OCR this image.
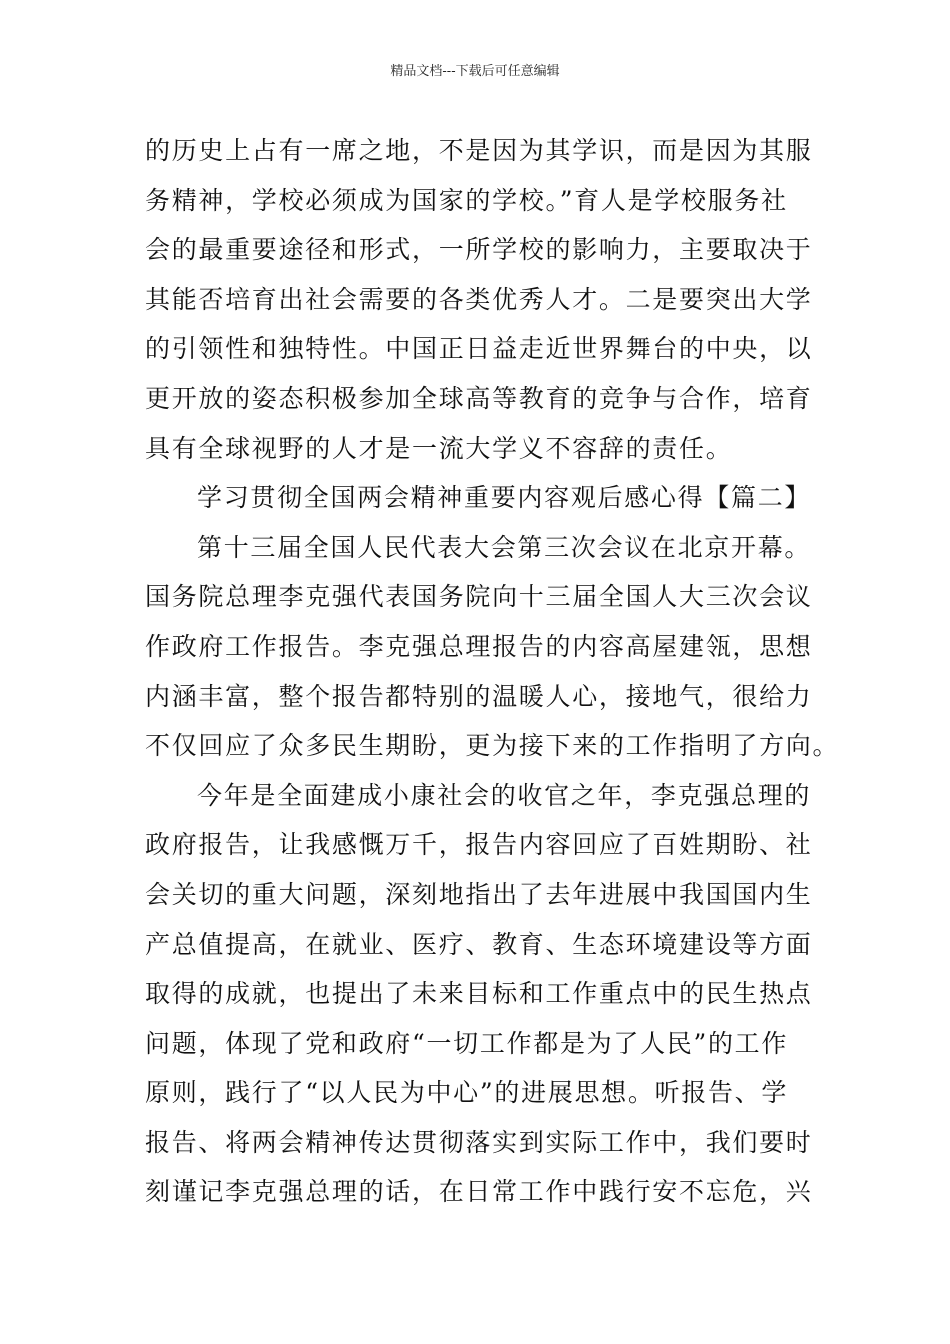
精品文档---下载后可任意编辑
的历史上占有一席之地，不是因为其学识，而是因为其服
务精神，学校必须成为国家的学校。”育人是学校服务社
会的最重要途径和形式，一所学校的影响力，主要取决于
其能否培育出社会需要的各类优秀人才。二是要突出大学
的引领性和独特性。中国正日益走近世界舞台的中央，以
更开放的姿态积极参加全球高等教育的竞争与合作，培育
具有全球视野的人才是一流大学义不容辞的责任。
学习贯彻全国两会精神重要内容观后感心得【篇二】
第十三届全国人民代表大会第三次会议在北京开幕。
国务院总理李克强代表国务院向十三届全国人大三次会议
作政府工作报告。李克强总理报告的内容高屋建瓴，思想
内涵丰富，整个报告都特别的温暖人心，接地气，很给力
不仅回应了众多民生期盼，更为接下来的工作指明了方向。
今年是全面建成小康社会的收官之年，李克强总理的
政府报告，让我感慨万千，报告内容回应了百姓期盼、社
会关切的重大问题，深刻地指出了去年进展中我国国内生
产总值提高，在就业、医疗、教育、生态环境建设等方面
取得的成就，也提出了未来目标和工作重点中的民生热点
问题，体现了党和政府“一切工作都是为了人民”的工作
原则，践行了“以人民为中心”的进展思想。听报告、学
报告、将两会精神传达贯彻落实到实际工作中，我们要时
刻谨记李克强总理的话，在日常工作中践行安不忘危，兴
